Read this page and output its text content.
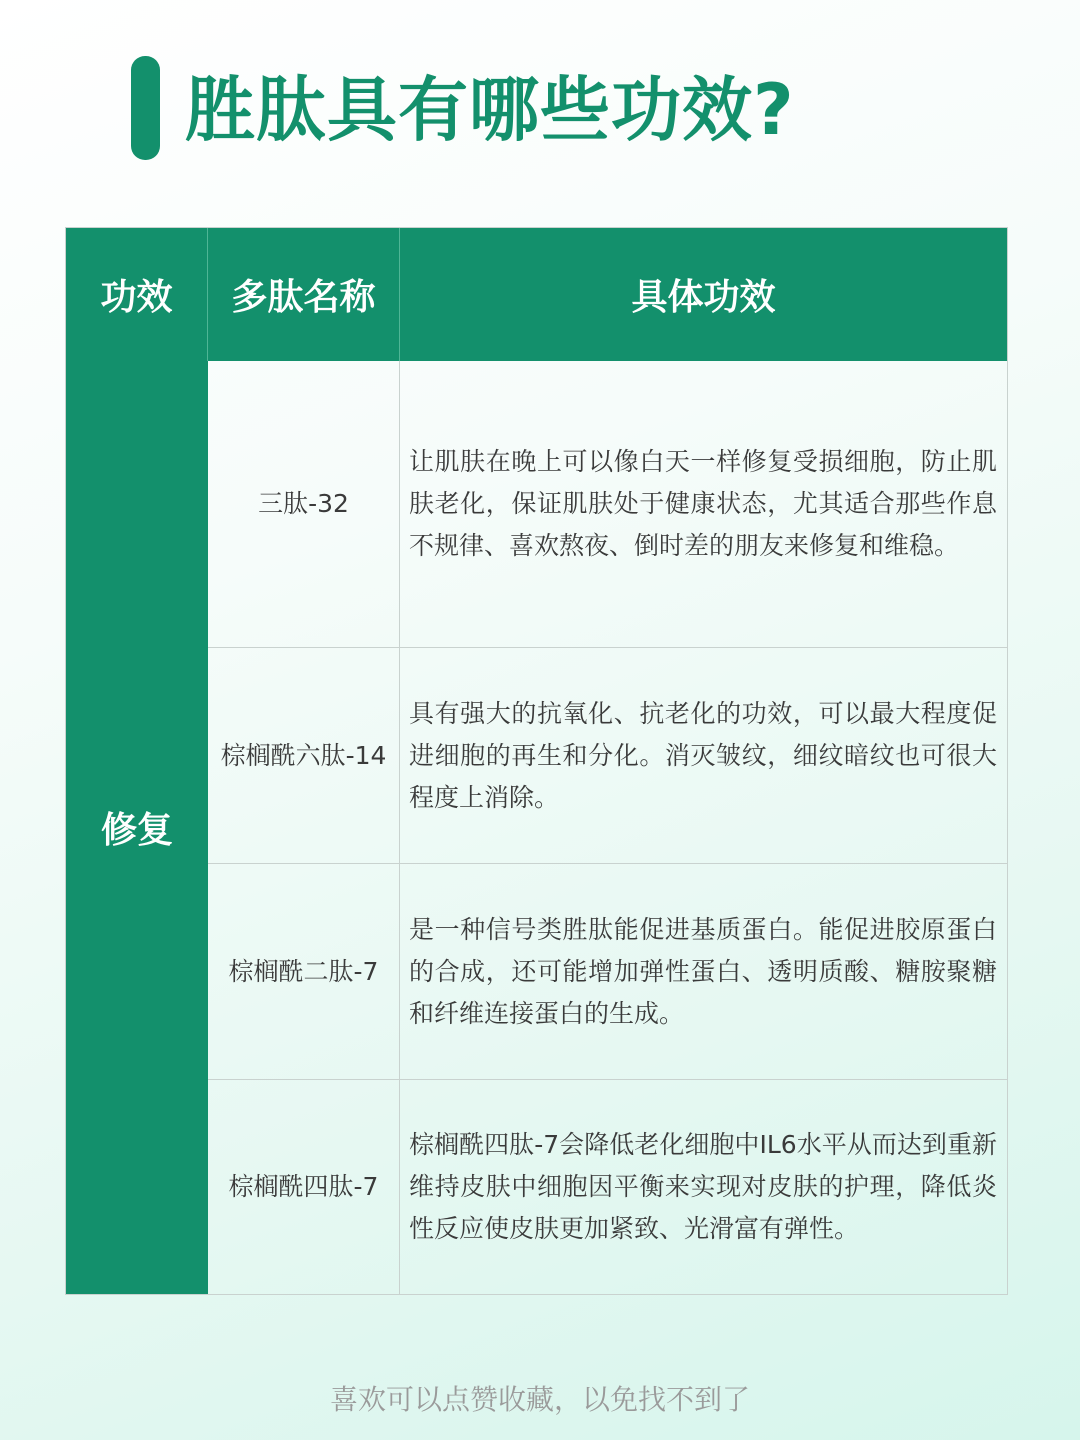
胜肽具有哪些功效?
功效	多肽名称	具体功效
修复
三肽-32
让肌肤在晚上可以像白天一样修复受损细胞，防止肌肤老化，保证肌肤处于健康状态，尤其适合那些作息不规律、喜欢熬夜、倒时差的朋友来修复和维稳。
棕榈酰六肽-14
具有强大的抗氧化、抗老化的功效，可以最大程度促进细胞的再生和分化。消灭皱纹，细纹暗纹也可很大程度上消除。
棕榈酰二肽-7
是一种信号类胜肽能促进基质蛋白。能促进胶原蛋白的合成，还可能增加弹性蛋白、透明质酸、糖胺聚糖和纤维连接蛋白的生成。
棕榈酰四肽-7
棕榈酰四肽-7会降低老化细胞中IL6水平从而达到重新维持皮肤中细胞因平衡来实现对皮肤的护理，降低炎性反应使皮肤更加紧致、光滑富有弹性。
喜欢可以点赞收藏，以免找不到了
